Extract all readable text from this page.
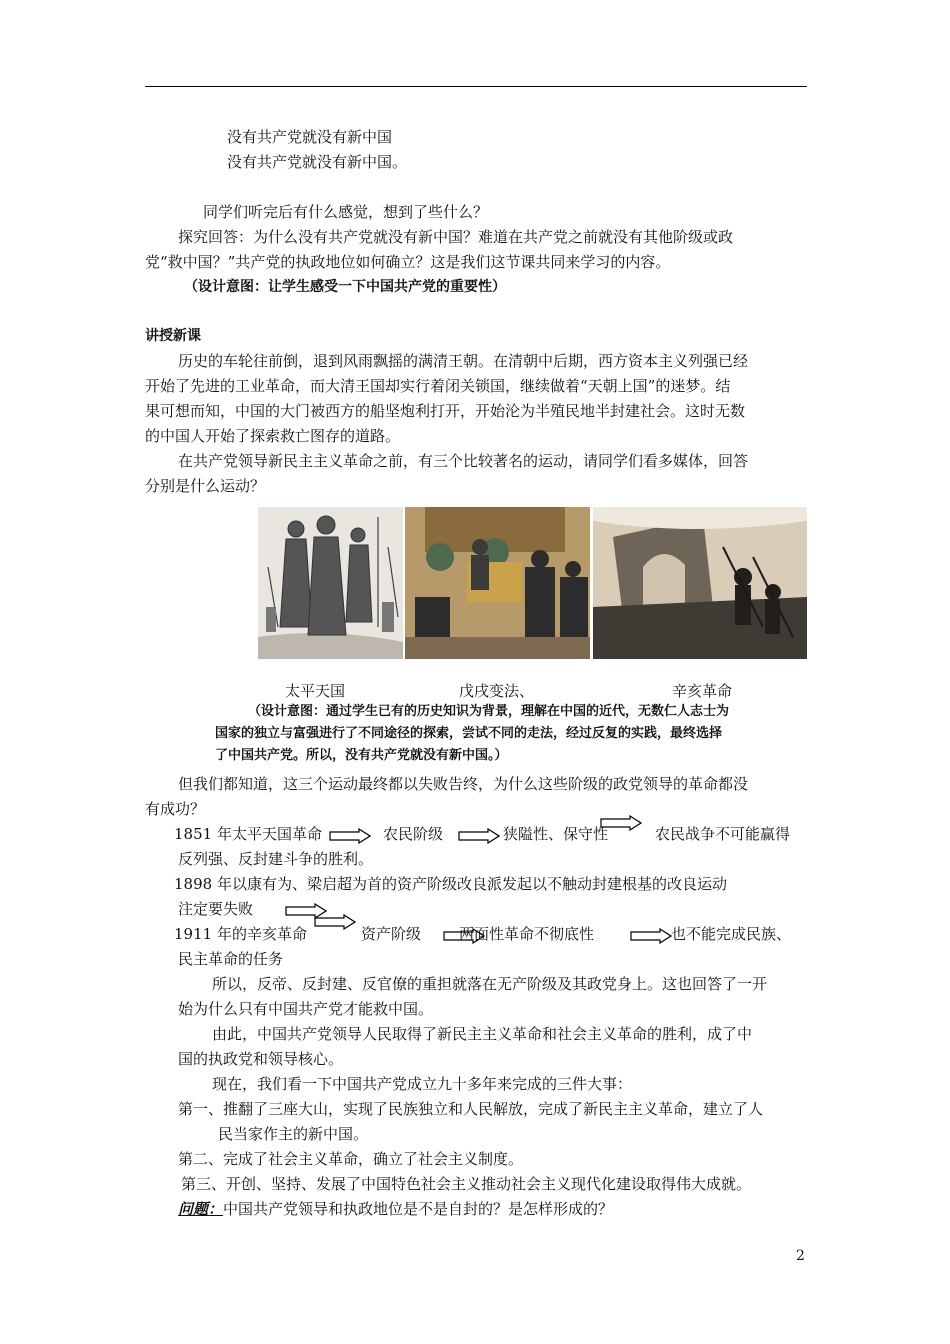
没有共产党就没有新中国
没有共产党就没有新中国。
同学们听完后有什么感觉，想到了些什么？
探究回答：为什么没有共产党就没有新中国？难道在共产党之前就没有其他阶级或政
党“救中国？”共产党的执政地位如何确立？这是我们这节课共同来学习的内容。
（设计意图：让学生感受一下中国共产党的重要性）
讲授新课
历史的车轮往前倒，退到风雨飘摇的满清王朝。在清朝中后期，西方资本主义列强已经
开始了先进的工业革命，而大清王国却实行着闭关锁国，继续做着“天朝上国”的迷梦。结
果可想而知，中国的大门被西方的船坚炮利打开，开始沦为半殖民地半封建社会。这时无数
的中国人开始了探索救亡图存的道路。
在共产党领导新民主主义革命之前，有三个比较著名的运动，请同学们看多媒体，回答
分别是什么运动？
太平天国	戊戌变法、	辛亥革命
（设计意图：通过学生已有的历史知识为背景，理解在中国的近代，无数仁人志士为
国家的独立与富强进行了不同途径的探索，尝试不同的走法，经过反复的实践，最终选择
了中国共产党。所以，没有共产党就没有新中国。）
但我们都知道，这三个运动最终都以失败告终，为什么这些阶级的政党领导的革命都没
有成功？
1851 年太平天国革命	农民阶级	狭隘性、保守性	农民战争不可能赢得
反列强、反封建斗争的胜利。
1898 年以康有为、梁启超为首的资产阶级改良派发起以不触动封建根基的改良运动
注定要失败
1911 年的辛亥革命	资产阶级	两面性革命不彻底性	也不能完成民族、
民主革命的任务
所以，反帝、反封建、反官僚的重担就落在无产阶级及其政党身上。这也回答了一开
始为什么只有中国共产党才能救中国。
由此，中国共产党领导人民取得了新民主主义革命和社会主义革命的胜利，成了中
国的执政党和领导核心。
现在，我们看一下中国共产党成立九十多年来完成的三件大事：
第一、推翻了三座大山，实现了民族独立和人民解放，完成了新民主主义革命，建立了人
民当家作主的新中国。
第二、完成了社会主义革命，确立了社会主义制度。
第三、开创、坚持、发展了中国特色社会主义推动社会主义现代化建设取得伟大成就。
问题：中国共产党领导和执政地位是不是自封的？是怎样形成的？
2
